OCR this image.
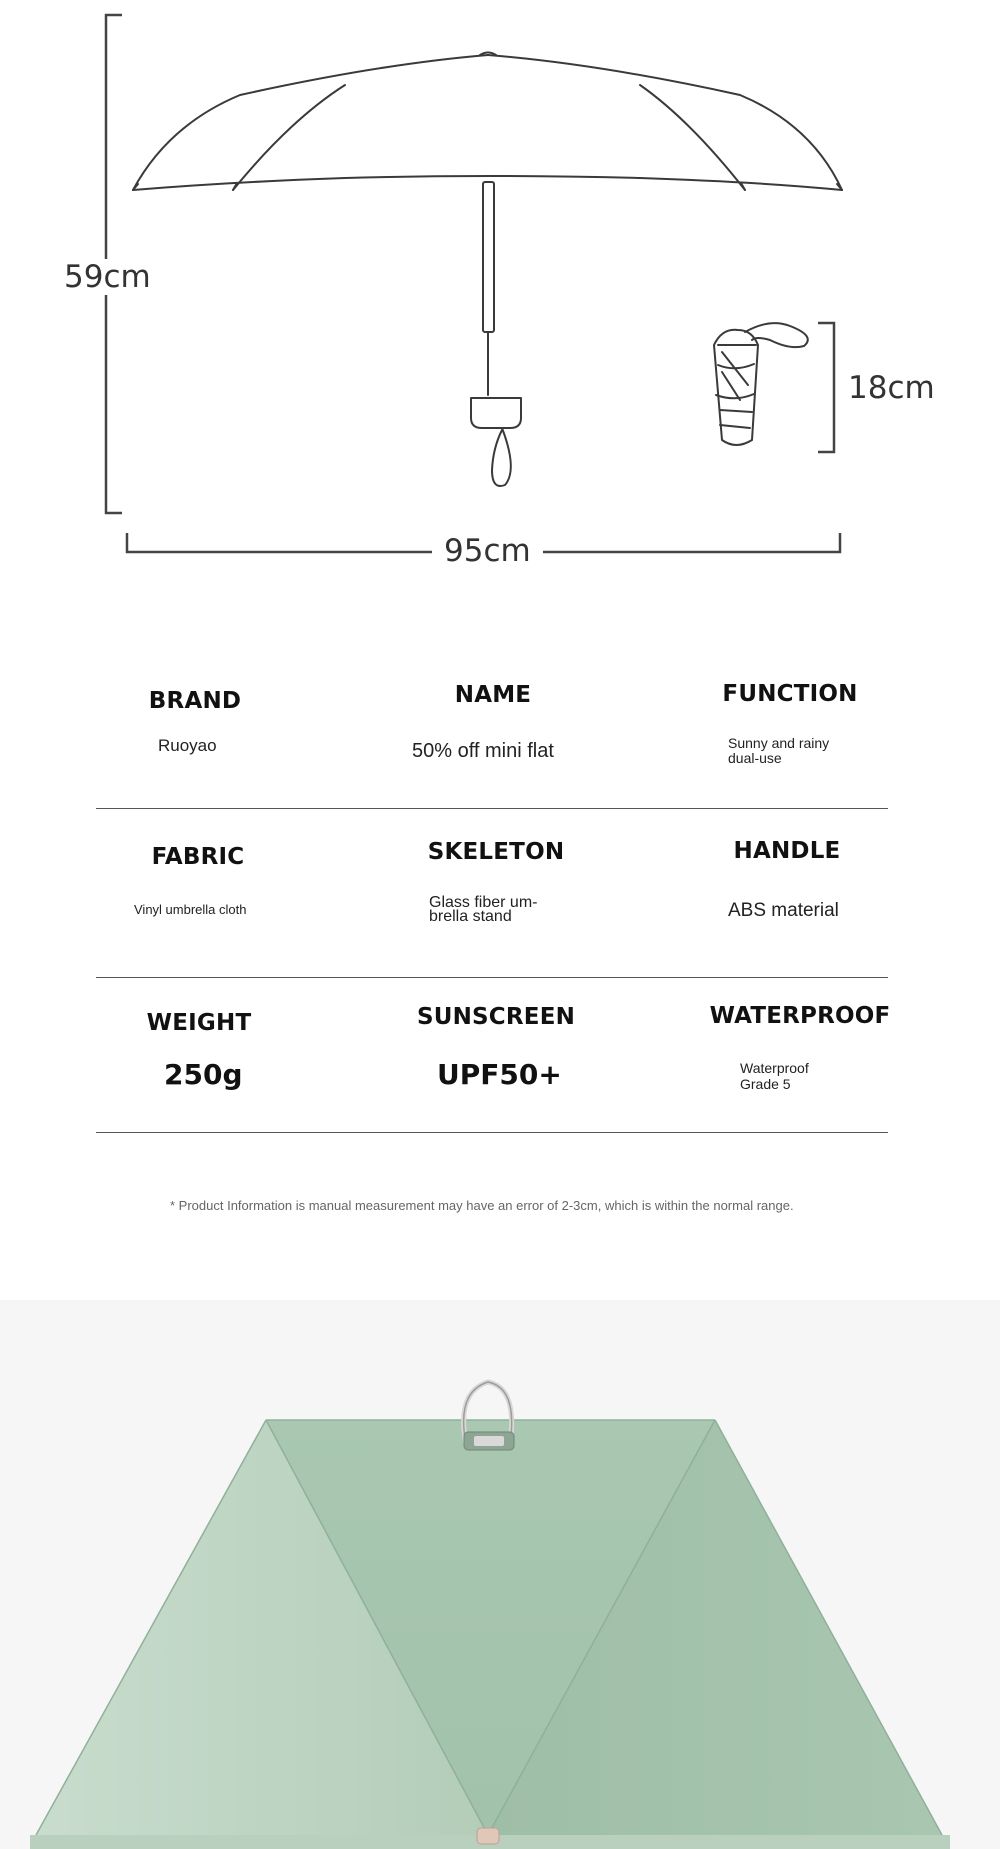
59cm
95cm
18cm
BRAND
Ruoyao
NAME
50% off mini flat
FUNCTION
Sunny and rainy dual-use
FABRIC
Vinyl umbrella cloth
SKELETON
Glass fiber um-brella stand
HANDLE
ABS material
WEIGHT
250g
SUNSCREEN
UPF50+
WATERPROOF
Waterproof Grade 5
* Product Information is manual measurement may have an error of 2-3cm, which is within the normal range.
